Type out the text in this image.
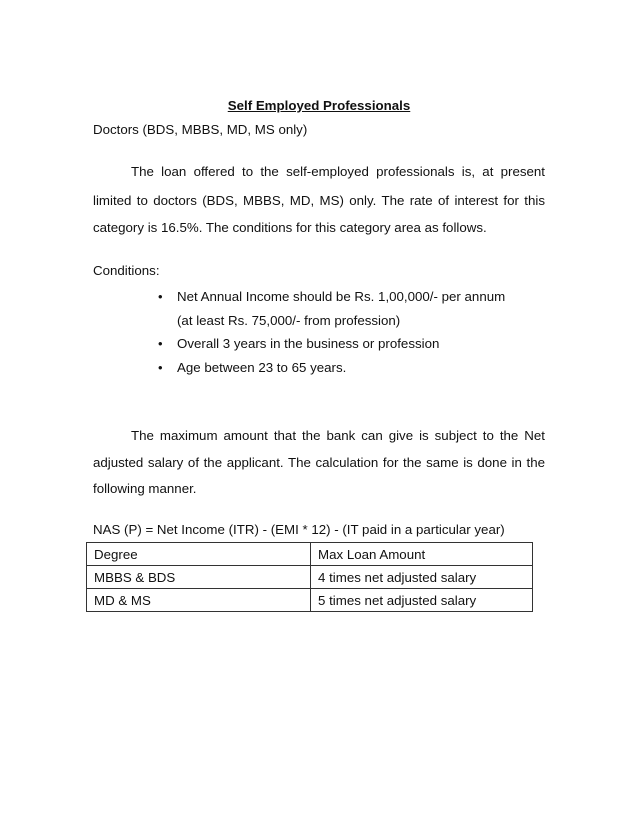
Self Employed Professionals
Doctors (BDS, MBBS, MD, MS only)
The loan offered to the self-employed professionals is, at present
limited to doctors (BDS, MBBS, MD, MS) only. The rate of interest for this
category is 16.5%. The conditions for this category area as follows.
Conditions:
• Net Annual Income should be Rs. 1,00,000/- per annum
(at least Rs. 75,000/- from profession)
• Overall 3 years in the business or profession
• Age between 23 to 65 years.
The maximum amount that the bank can give is subject to the Net
adjusted salary of the applicant. The calculation for the same is done in the
following manner.
NAS (P) = Net Income (ITR) - (EMI * 12) - (IT paid in a particular year)
Degree	Max Loan Amount
MBBS & BDS	4 times net adjusted salary
MD & MS	5 times net adjusted salary
